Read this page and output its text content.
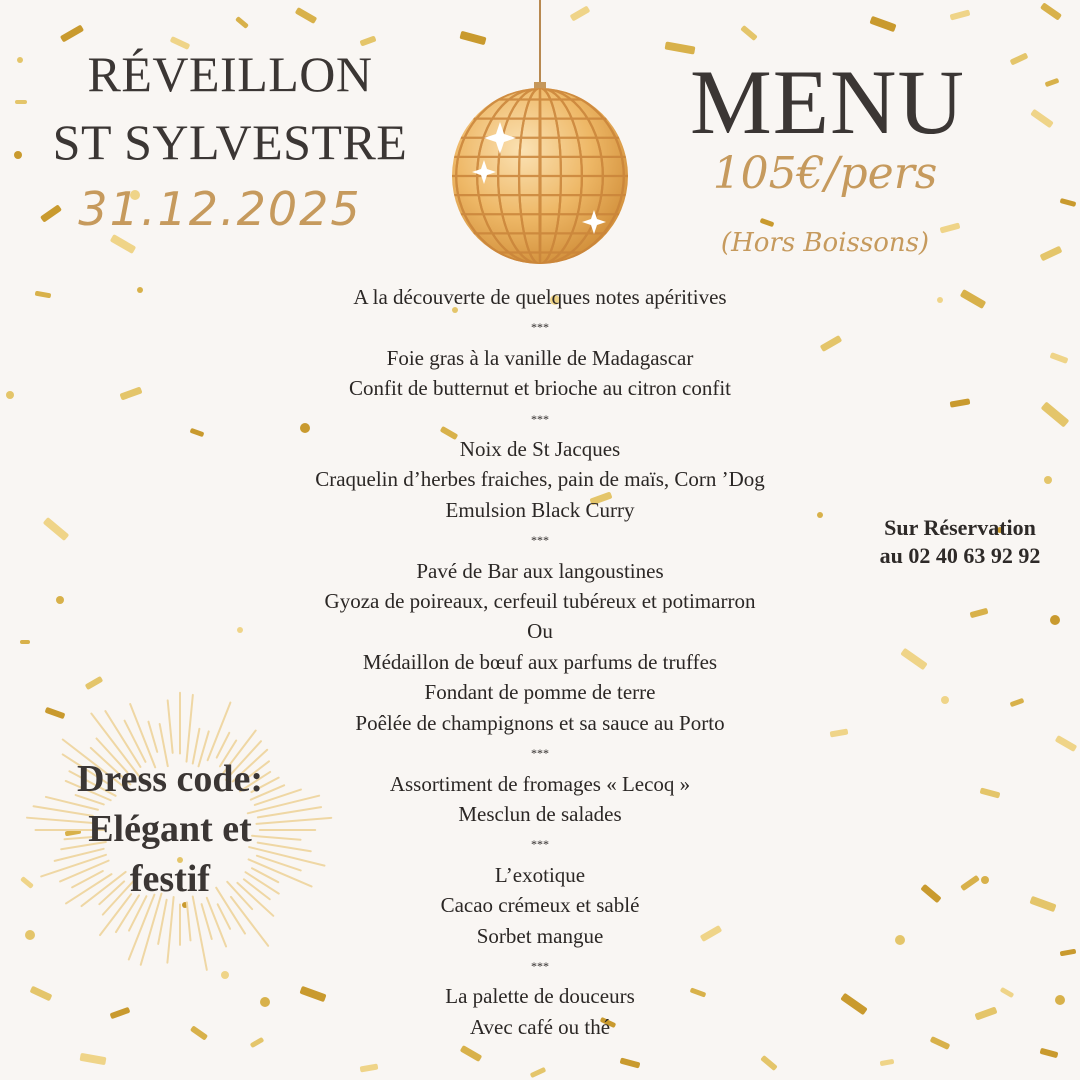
RÉVEILLON
ST SYLVESTRE
31.12.2025
MENU
105€/pers
(Hors Boissons)
A la découverte de quelques notes apéritives
***
Foie gras à la vanille de Madagascar
Confit de butternut et brioche au citron confit
***
Noix de St Jacques
Craquelin d’herbes fraiches, pain de maïs, Corn ’Dog
Emulsion Black Curry
***
Pavé de Bar aux langoustines
Gyoza de poireaux, cerfeuil tubéreux et potimarron
Ou
Médaillon de bœuf aux parfums de truffes
Fondant de pomme de terre
Poêlée de champignons et sa sauce au Porto
***
Assortiment de fromages « Lecoq »
Mesclun de salades
***
L’exotique
Cacao crémeux et sablé
Sorbet mangue
***
La palette de douceurs
Avec café ou thé
Sur Réservation
au 02 40 63 92 92
Dress code:
Elégant et
festif
